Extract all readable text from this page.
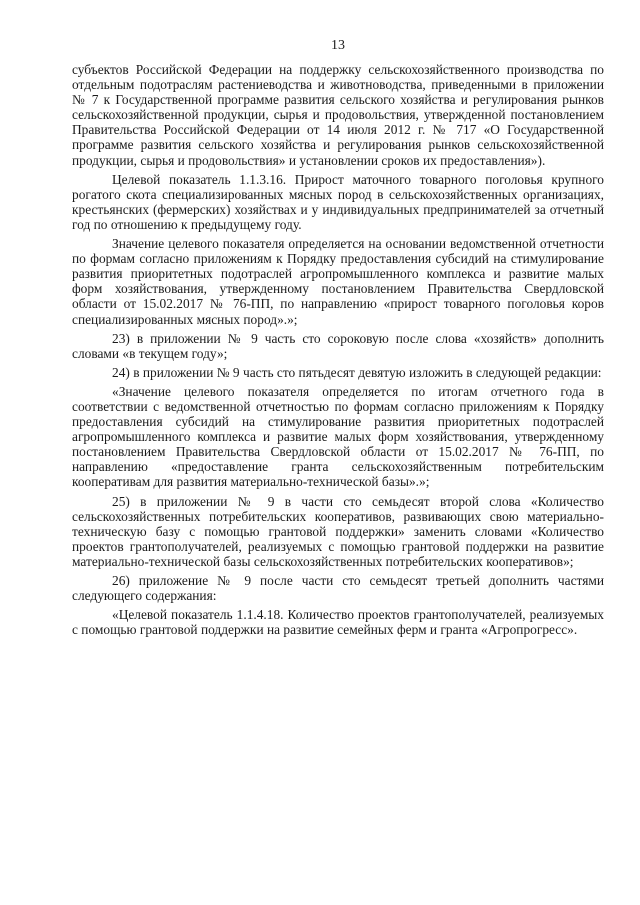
13

субъектов Российской Федерации на поддержку сельскохозяйственного производства по отдельным подотраслям растениеводства и животноводства, приведенными в приложении № 7 к Государственной программе развития сельского хозяйства и регулирования рынков сельскохозяйственной продукции, сырья и продовольствия, утвержденной постановлением Правительства Российской Федерации от 14 июля 2012 г. № 717 «О Государственной программе развития сельского хозяйства и регулирования рынков сельскохозяйственной продукции, сырья и продовольствия» и установлении сроков их предоставления»).

Целевой показатель 1.1.3.16. Прирост маточного товарного поголовья крупного рогатого скота специализированных мясных пород в сельскохозяйственных организациях, крестьянских (фермерских) хозяйствах и у индивидуальных предпринимателей за отчетный год по отношению к предыдущему году.

Значение целевого показателя определяется на основании ведомственной отчетности по формам согласно приложениям к Порядку предоставления субсидий на стимулирование развития приоритетных подотраслей агропромышленного комплекса и развитие малых форм хозяйствования, утвержденному постановлением Правительства Свердловской области от 15.02.2017 № 76-ПП, по направлению «прирост товарного поголовья коров специализированных мясных пород».»;

23) в приложении № 9 часть сто сороковую после слова «хозяйств» дополнить словами «в текущем году»;

24) в приложении № 9 часть сто пятьдесят девятую изложить в следующей редакции:

«Значение целевого показателя определяется по итогам отчетного года в соответствии с ведомственной отчетностью по формам согласно приложениям к Порядку предоставления субсидий на стимулирование развития приоритетных подотраслей агропромышленного комплекса и развитие малых форм хозяйствования, утвержденному постановлением Правительства Свердловской области от 15.02.2017 № 76-ПП, по направлению «предоставление гранта сельскохозяйственным потребительским кооперативам для развития материально-технической базы».»;

25) в приложении № 9 в части сто семьдесят второй слова «Количество сельскохозяйственных потребительских кооперативов, развивающих свою материально-техническую базу с помощью грантовой поддержки» заменить словами «Количество проектов грантополучателей, реализуемых с помощью грантовой поддержки на развитие материально-технической базы сельскохозяйственных потребительских кооперативов»;

26) приложение № 9 после части сто семьдесят третьей дополнить частями следующего содержания:

«Целевой показатель 1.1.4.18. Количество проектов грантополучателей, реализуемых с помощью грантовой поддержки на развитие семейных ферм и гранта «Агропрогресс».
